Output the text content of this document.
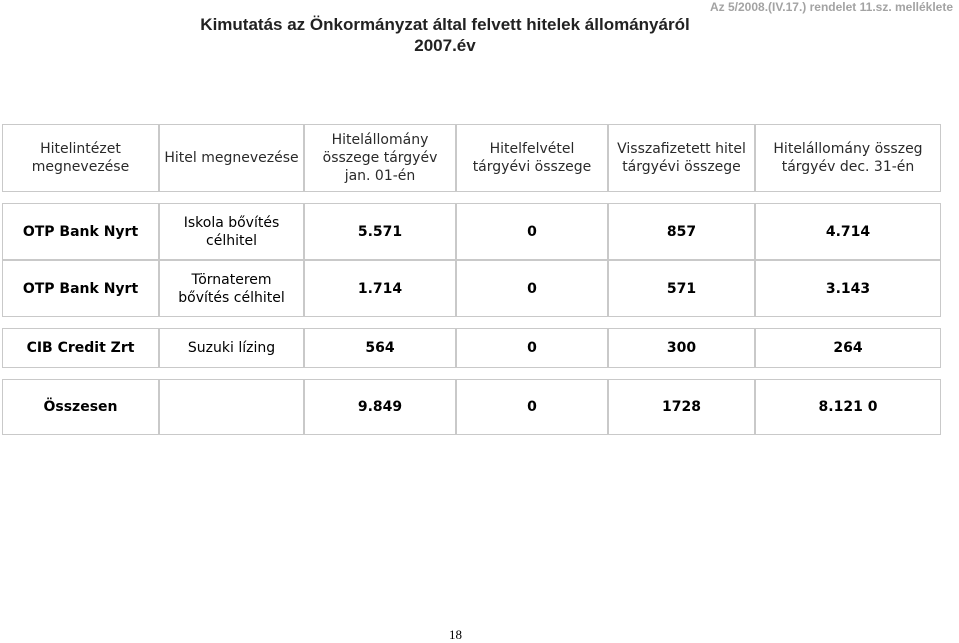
Kimutatás az Önkormányzat által felvett hitelek állományáról 2007.év
Az 5/2008.(IV.17.) rendelet 11.sz. melléklete
Hitelintézet megnevezése	Hitel megnevezése	Hitelállomány összege tárgyév jan. 01-én	Hitelfelvétel tárgyévi összege	Visszafizetett hitel tárgyévi összege	Hitelállomány összeg tárgyév dec. 31-én

OTP Bank Nyrt	Iskola bővítés célhitel	5.571	0	857	4.714
OTP Bank Nyrt	Törnaterem bővítés célhitel	1.714	0	571	3.143

CIB Credit Zrt	Suzuki lízing	564	0	300	264

Összesen		9.849	0	1728	8.121 0
18
